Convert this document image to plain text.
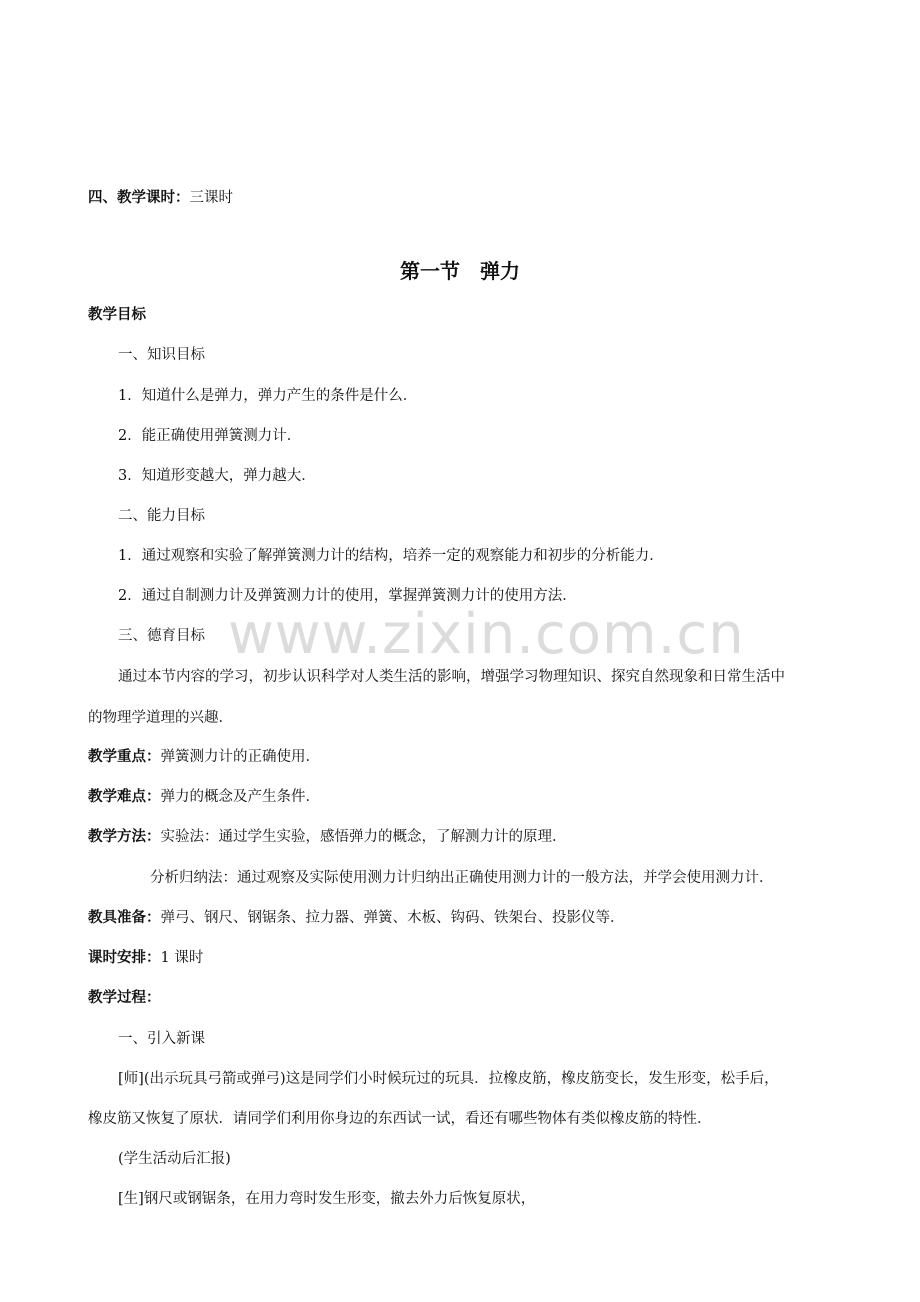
四、教学课时：三课时
第一节　弹力
教学目标
一、知识目标
1．知道什么是弹力，弹力产生的条件是什么．
2．能正确使用弹簧测力计．
3．知道形变越大，弹力越大．
二、能力目标
1．通过观察和实验了解弹簧测力计的结构，培养一定的观察能力和初步的分析能力．
2．通过自制测力计及弹簧测力计的使用，掌握弹簧测力计的使用方法．
三、德育目标 www.zixin.com.cn
通过本节内容的学习，初步认识科学对人类生活的影响，增强学习物理知识、探究自然现象和日常生活中
的物理学道理的兴趣．
教学重点：弹簧测力计的正确使用．
教学难点：弹力的概念及产生条件．
教学方法：实验法：通过学生实验，感悟弹力的概念，了解测力计的原理．
分析归纳法：通过观察及实际使用测力计归纳出正确使用测力计的一般方法，并学会使用测力计．
教具准备：弹弓、钢尺、钢锯条、拉力器、弹簧、木板、钩码、铁架台、投影仪等．
课时安排：1 课时
教学过程：
一、引入新课
[师](出示玩具弓箭或弹弓)这是同学们小时候玩过的玩具．拉橡皮筋，橡皮筋变长，发生形变，松手后，
橡皮筋又恢复了原状．请同学们利用你身边的东西试一试，看还有哪些物体有类似橡皮筋的特性．
(学生活动后汇报)
[生]钢尺或钢锯条，在用力弯时发生形变，撤去外力后恢复原状，
